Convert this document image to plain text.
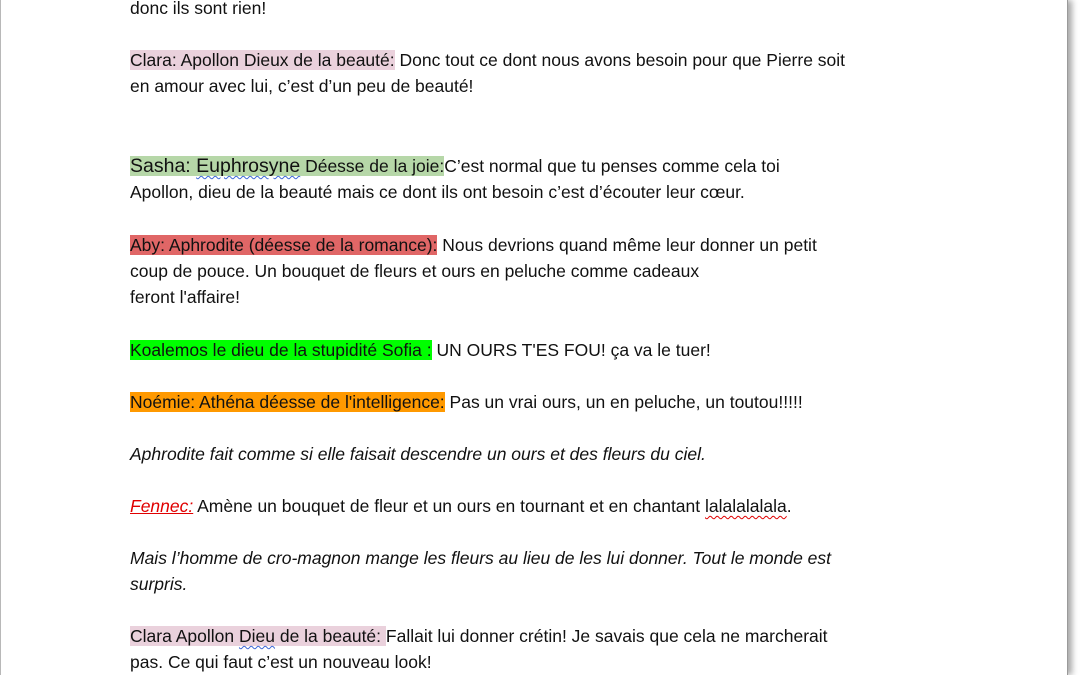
donc ils sont rien!

Clara: Apollon Dieux de la beauté: Donc tout ce dont nous avons besoin pour que Pierre soit
en amour avec lui, c’est d’un peu de beauté!

Sasha: Euphrosyne Déesse de la joie:C’est normal que tu penses comme cela toi
Apollon, dieu de la beauté mais ce dont ils ont besoin c’est d’écouter leur cœur.

Aby: Aphrodite (déesse de la romance): Nous devrions quand même leur donner un petit
coup de pouce. Un bouquet de fleurs et ours en peluche comme cadeaux
feront l'affaire!

Koalemos le dieu de la stupidité Sofia : UN OURS T'ES FOU! ça va le tuer!

Noémie: Athéna déesse de l'intelligence: Pas un vrai ours, un en peluche, un toutou!!!!!

Aphrodite fait comme si elle faisait descendre un ours et des fleurs du ciel.

Fennec: Amène un bouquet de fleur et un ours en tournant et en chantant lalalalalala.

Mais l’homme de cro-magnon mange les fleurs au lieu de les lui donner. Tout le monde est
surpris.

Clara Apollon Dieu de la beauté: Fallait lui donner crétin! Je savais que cela ne marcherait
pas. Ce qui faut c’est un nouveau look!
